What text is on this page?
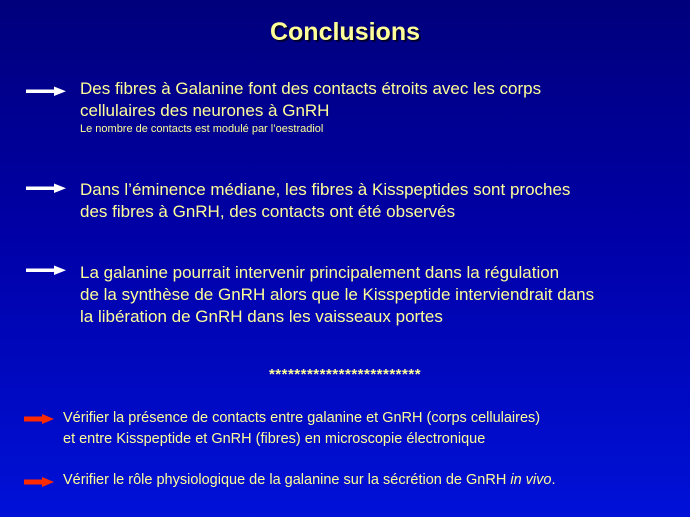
Conclusions

Des fibres à Galanine font des contacts étroits avec les corps
cellulaires des neurones à GnRH
Le nombre de contacts est modulé par l’oestradiol

Dans l’éminence médiane, les fibres à Kisspeptides sont proches
des fibres à GnRH, des contacts ont été observés

La galanine pourrait intervenir principalement dans la régulation
de la synthèse de GnRH alors que le Kisspeptide interviendrait dans
la libération de GnRH dans les vaisseaux portes

************************

Vérifier la présence de contacts entre galanine et GnRH (corps cellulaires)
et entre Kisspeptide et GnRH (fibres) en microscopie électronique

Vérifier le rôle physiologique de la galanine sur la sécrétion de GnRH in vivo.
